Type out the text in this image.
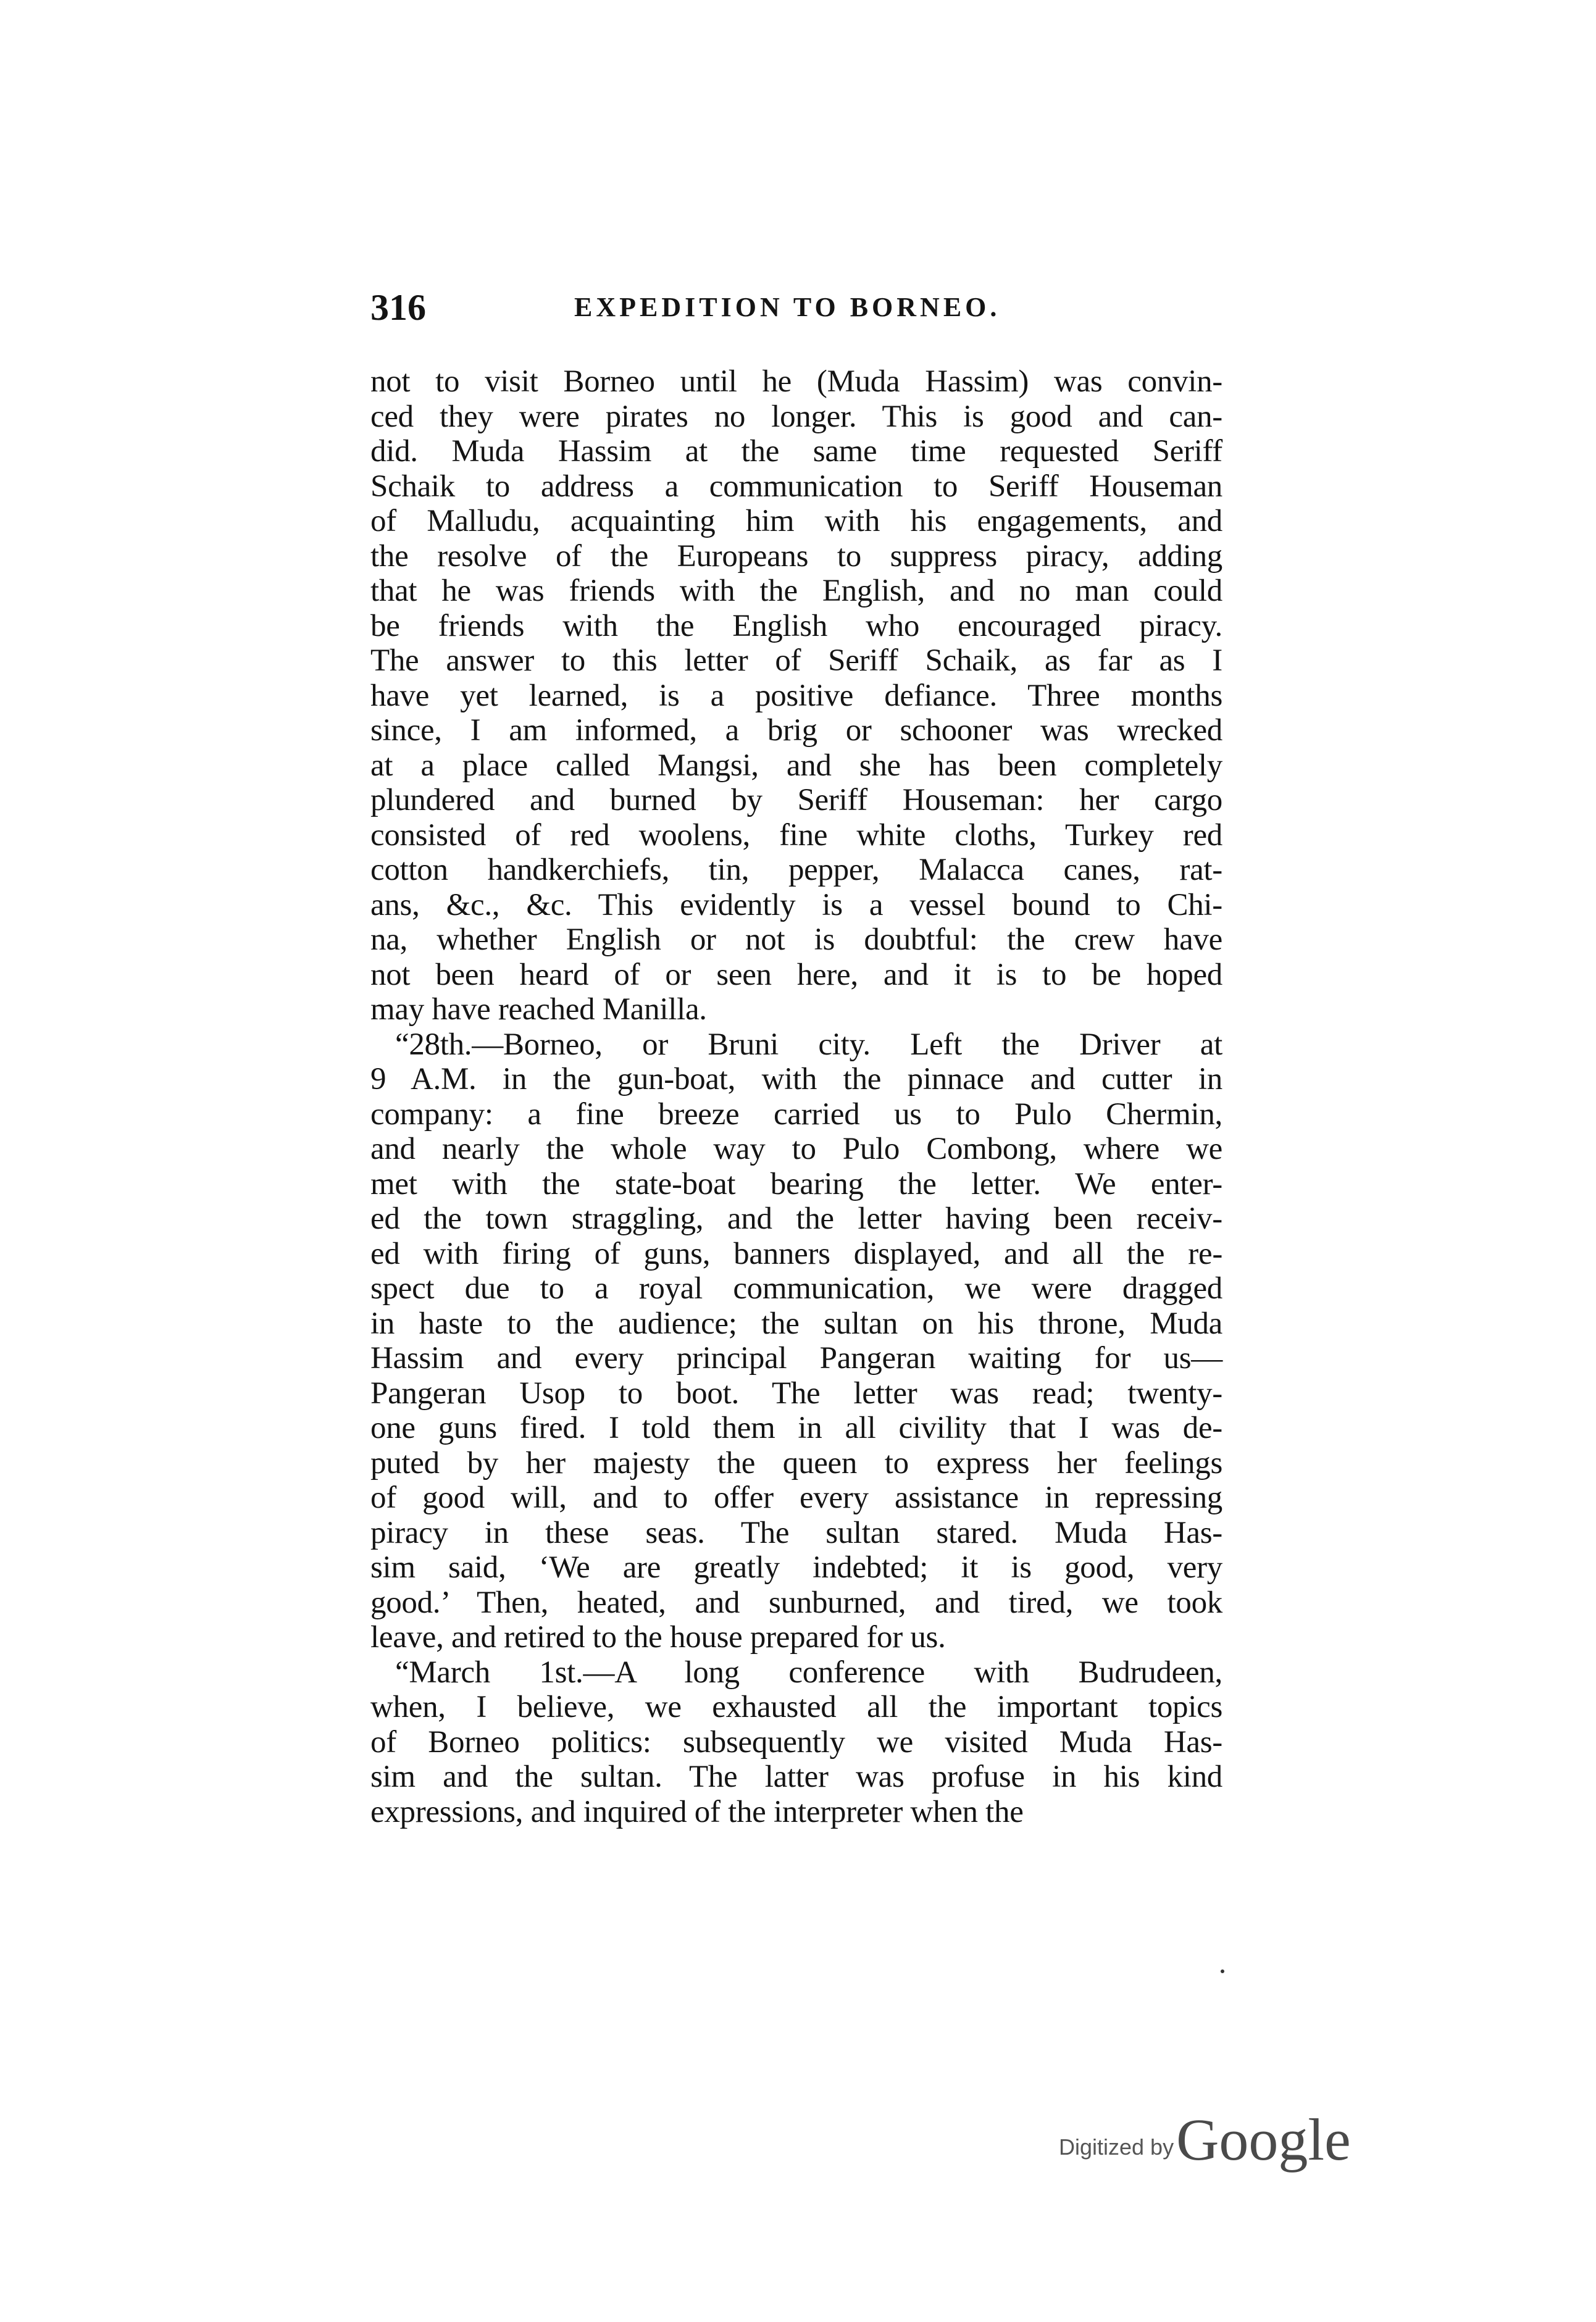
316	EXPEDITION TO BORNEO.
not to visit Borneo until he (Muda Hassim) was convin-
ced they were pirates no longer. This is good and can-
did. Muda Hassim at the same time requested Seriff
Schaik to address a communication to Seriff Houseman
of Malludu, acquainting him with his engagements, and
the resolve of the Europeans to suppress piracy, adding
that he was friends with the English, and no man could
be friends with the English who encouraged piracy.
The answer to this letter of Seriff Schaik, as far as I
have yet learned, is a positive defiance. Three months
since, I am informed, a brig or schooner was wrecked
at a place called Mangsi, and she has been completely
plundered and burned by Seriff Houseman: her cargo
consisted of red woolens, fine white cloths, Turkey red
cotton handkerchiefs, tin, pepper, Malacca canes, rat-
ans, &c., &c. This evidently is a vessel bound to Chi-
na, whether English or not is doubtful: the crew have
not been heard of or seen here, and it is to be hoped
may have reached Manilla.
“28th.—Borneo, or Bruni city. Left the Driver at
9 A.M. in the gun-boat, with the pinnace and cutter in
company: a fine breeze carried us to Pulo Chermin,
and nearly the whole way to Pulo Combong, where we
met with the state-boat bearing the letter. We enter-
ed the town straggling, and the letter having been receiv-
ed with firing of guns, banners displayed, and all the re-
spect due to a royal communication, we were dragged
in haste to the audience; the sultan on his throne, Muda
Hassim and every principal Pangeran waiting for us—
Pangeran Usop to boot. The letter was read; twenty-
one guns fired. I told them in all civility that I was de-
puted by her majesty the queen to express her feelings
of good will, and to offer every assistance in repressing
piracy in these seas. The sultan stared. Muda Has-
sim said, ‘We are greatly indebted; it is good, very
good.’ Then, heated, and sunburned, and tired, we took
leave, and retired to the house prepared for us.
“March 1st.—A long conference with Budrudeen,
when, I believe, we exhausted all the important topics
of Borneo politics: subsequently we visited Muda Has-
sim and the sultan. The latter was profuse in his kind
expressions, and inquired of the interpreter when the
Digitized by Google
